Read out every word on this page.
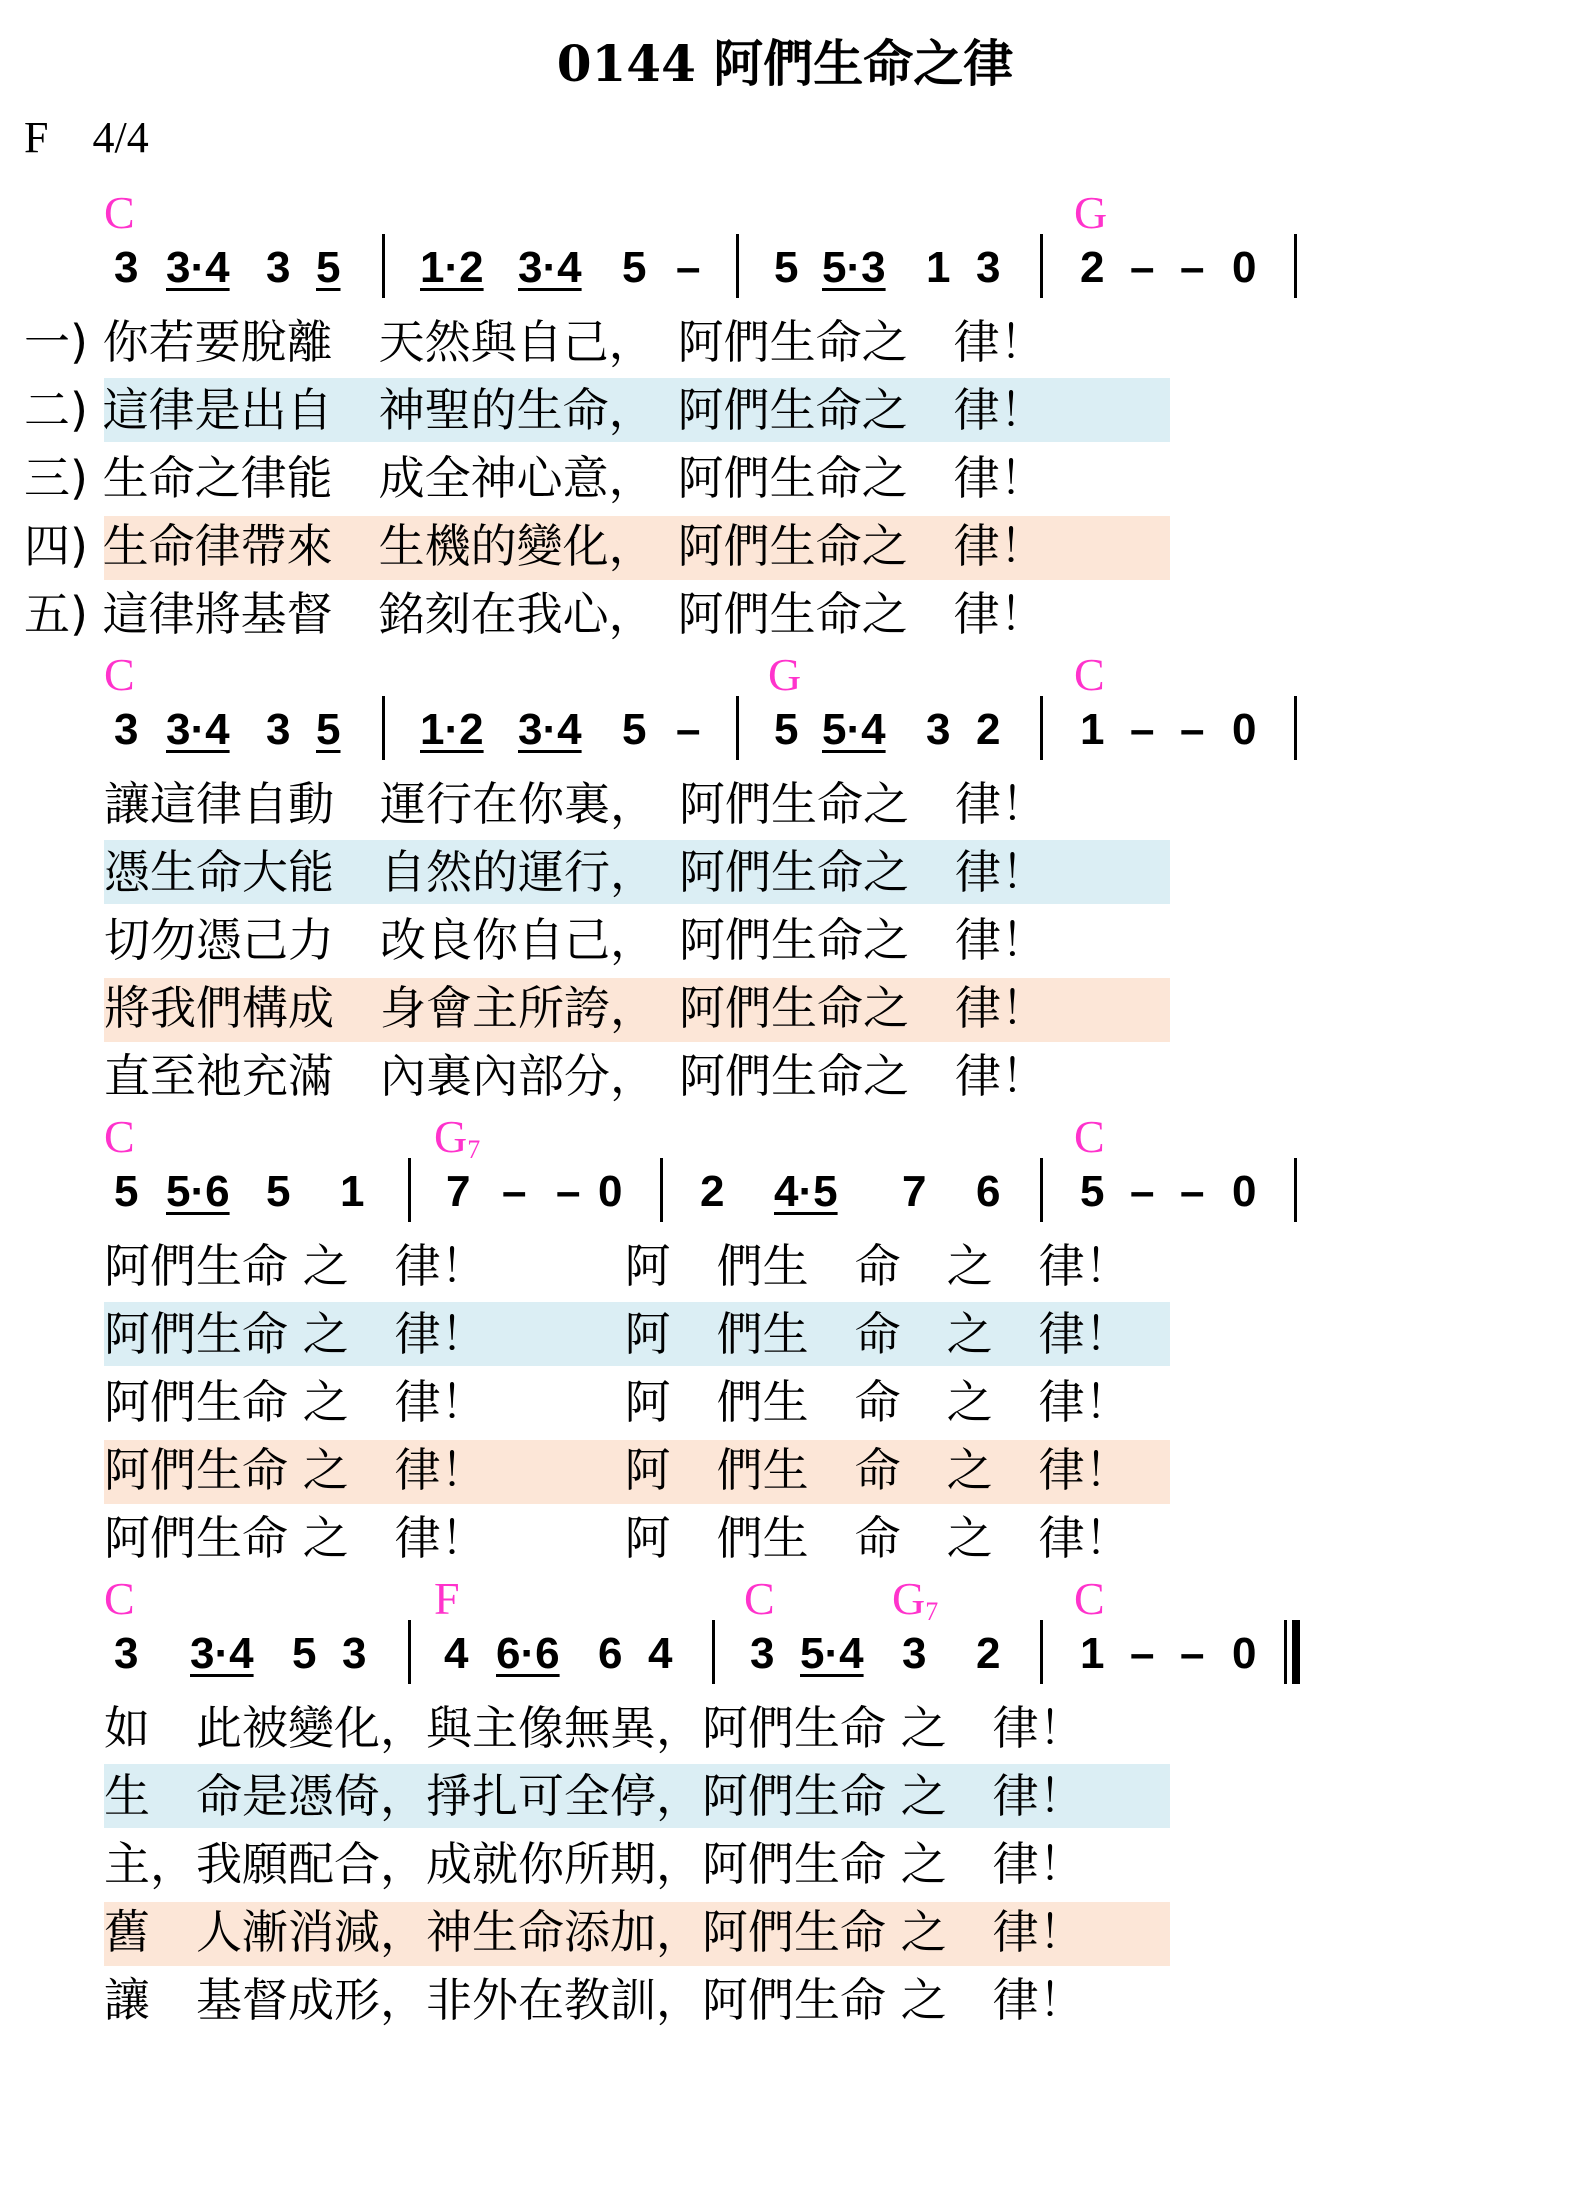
0144 阿們生命之律
F    4/4
C	G
3 3·4 3 5 1·2 3·4 5 – 5 5·3 1 3 2 – – 0
一) 你若要脫離　天然與自己，　阿們生命之　律！
二) 這律是出自　神聖的生命，　阿們生命之　律！
三) 生命之律能　成全神心意，　阿們生命之　律！
四) 生命律帶來　生機的變化，　阿們生命之　律！
五) 這律將基督　銘刻在我心，　阿們生命之　律！
C	G	C
3 3·4 3 5 1·2 3·4 5 – 5 5·4 3 2 1 – – 0
讓這律自動　運行在你裏，　阿們生命之　律！
憑生命大能　自然的運行，　阿們生命之　律！
切勿憑己力　改良你自己，　阿們生命之　律！
將我們構成　身會主所誇，　阿們生命之　律！
直至祂充滿　內裏內部分，　阿們生命之　律！
C	$G_7$	C
5 5·6 5 1 7 – – 0 2 4·5 7 6 5 – – 0
阿們生命 之　律！　　　阿　們生　命　之　律！
阿們生命 之　律！　　　阿　們生　命　之　律！
阿們生命 之　律！　　　阿　們生　命　之　律！
阿們生命 之　律！　　　阿　們生　命　之　律！
阿們生命 之　律！　　　阿　們生　命　之　律！
C	F	C	$G_7$	C
3 3·4 5 3 4 6·6 6 4 3 5·4 3 2 1 – – 0
如　此被變化，與主像無異，阿們生命 之　律！
生　命是憑倚，掙扎可全停，阿們生命 之　律！
主，我願配合，成就你所期，阿們生命 之　律！
舊　人漸消減，神生命添加，阿們生命 之　律！
讓　基督成形，非外在教訓，阿們生命 之　律！
